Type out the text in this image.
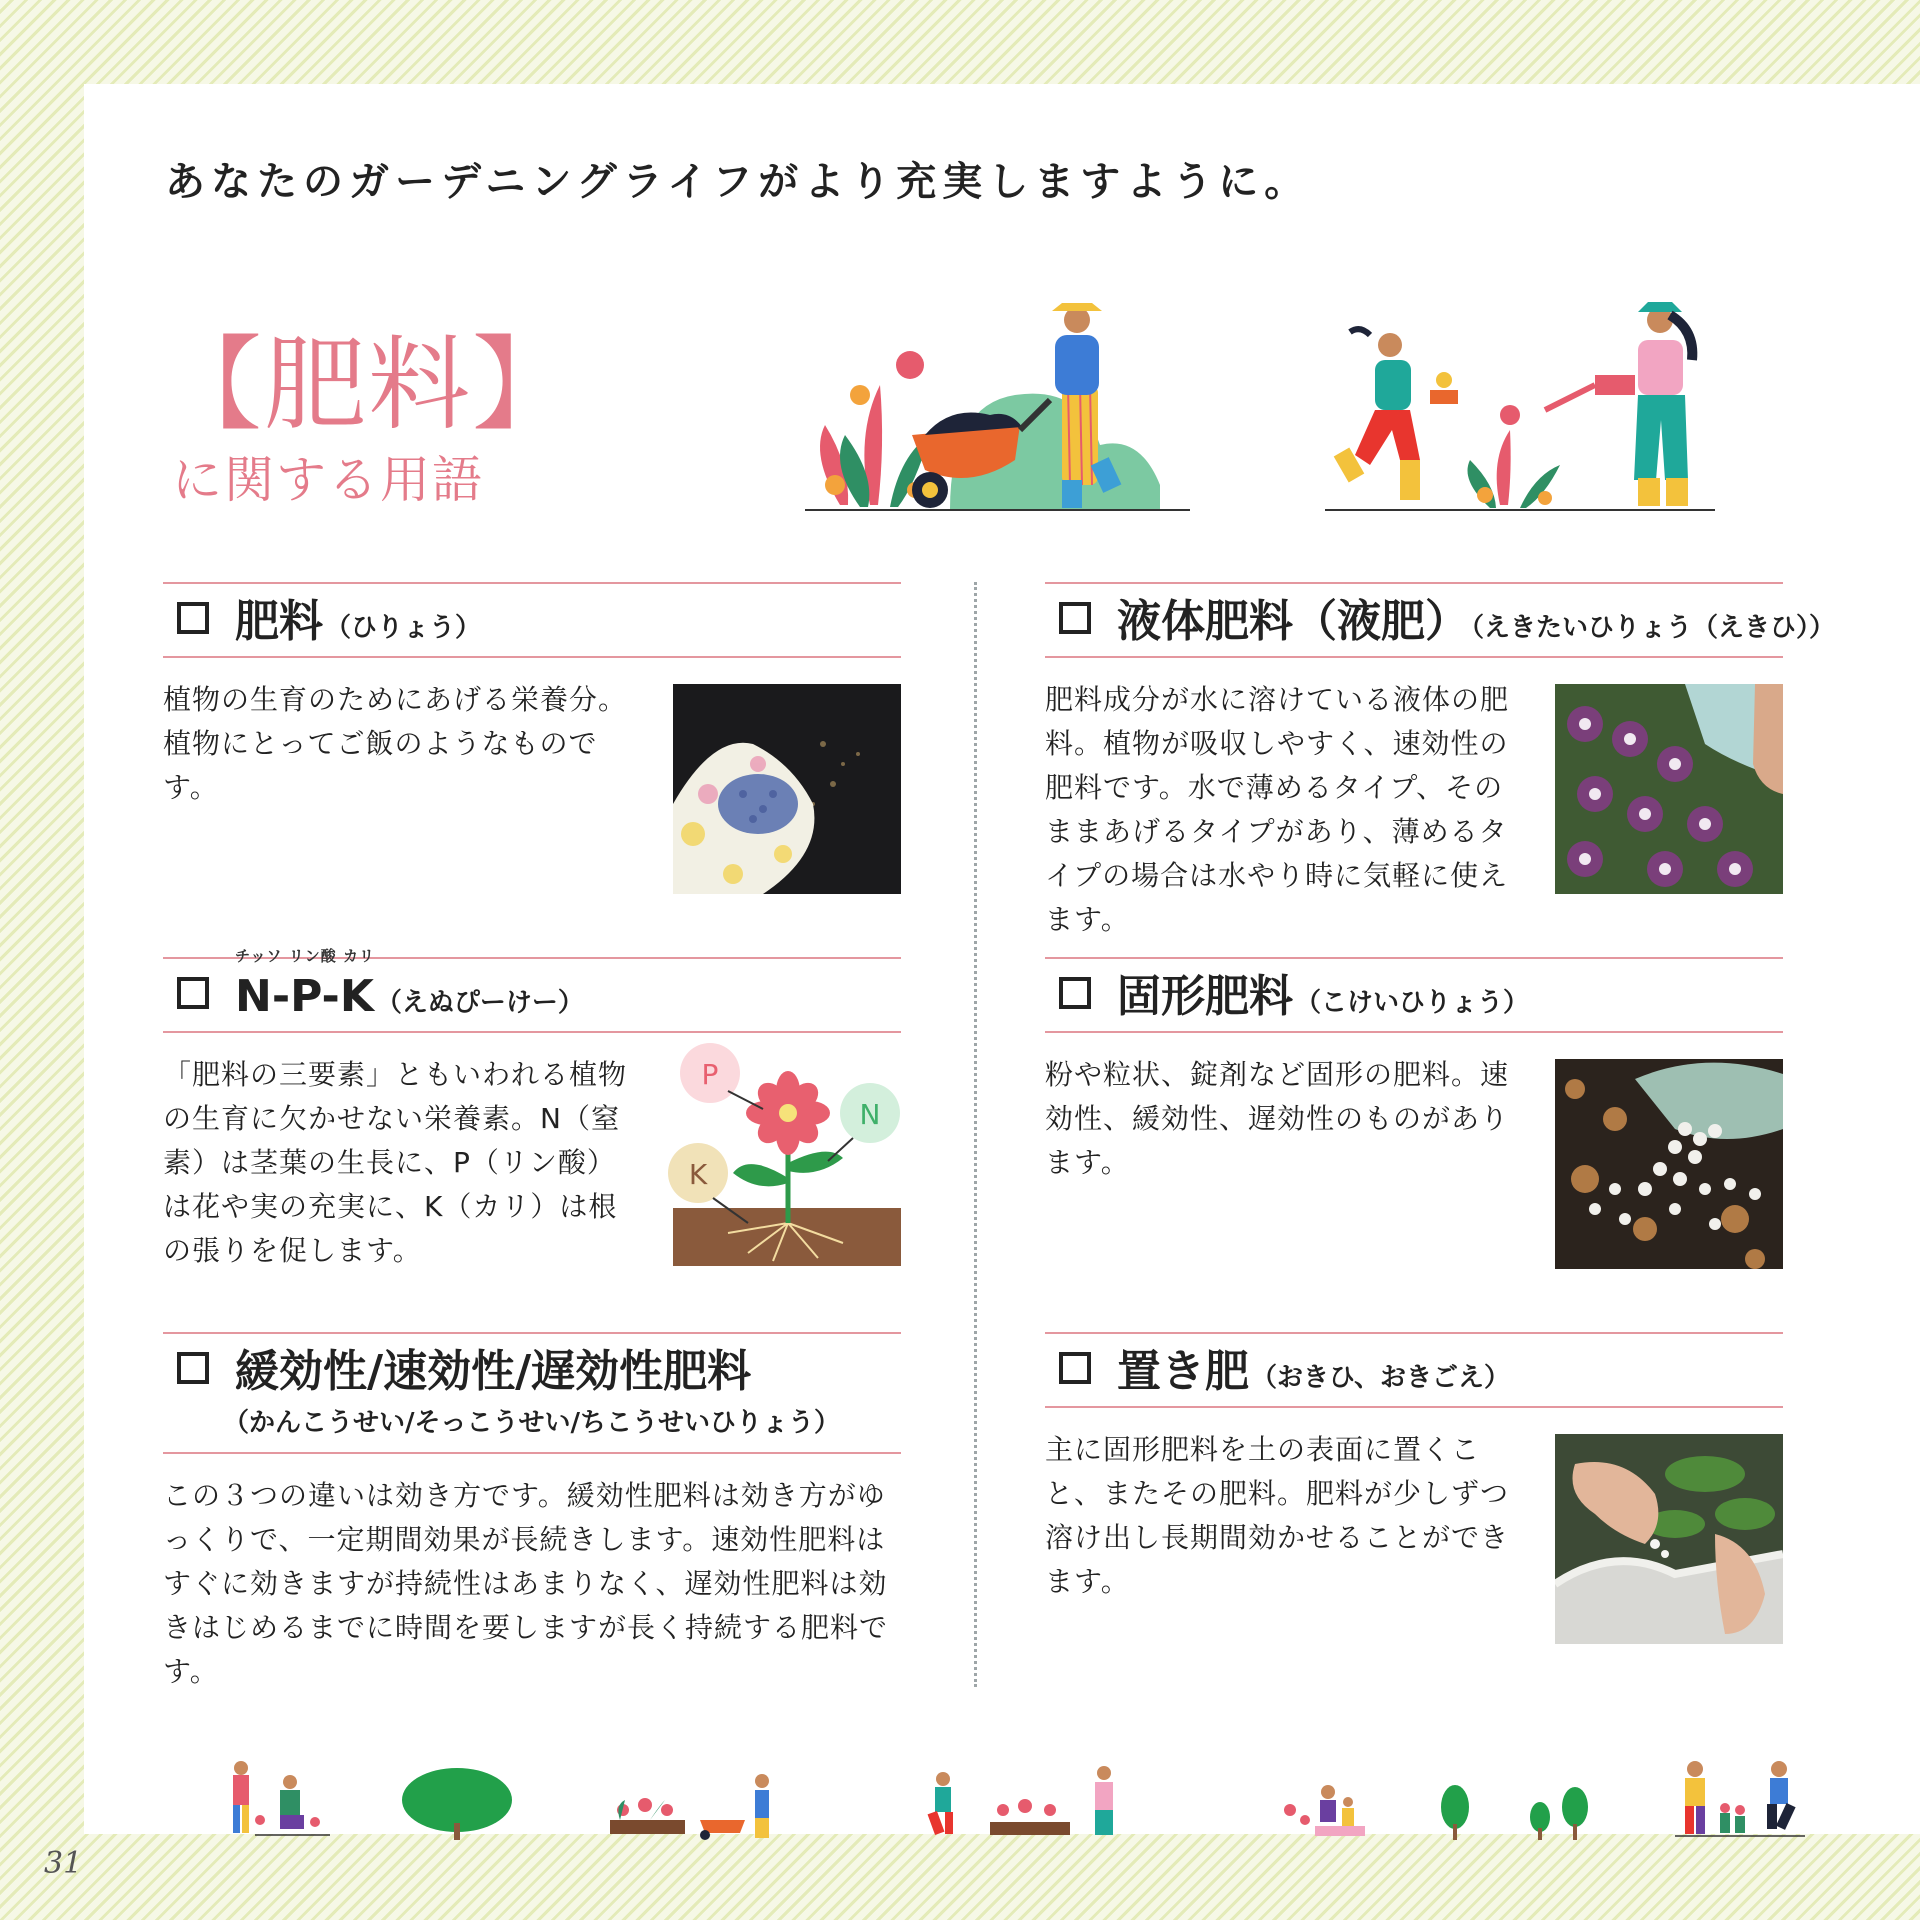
あなたのガーデニングライフがより充実しますように。
【肥料】
に関する用語
肥料（ひりょう）
植物の生育のためにあげる栄養分。植物にとってご飯のようなものです。
液体肥料（液肥）（えきたいひりょう（えきひ））
肥料成分が水に溶けている液体の肥料。植物が吸収しやすく、速効性の肥料です。水で薄めるタイプ、そのままあげるタイプがあり、薄めるタイプの場合は水やり時に気軽に使えます。
チッソ リン酸 カリ
N-P-K（えぬぴーけー）
「肥料の三要素」ともいわれる植物の生育に欠かせない栄養素。N（窒素）は茎葉の生長に、P（リン酸）は花や実の充実に、K（カリ）は根の張りを促します。
P
N
K
固形肥料（こけいひりょう）
粉や粒状、錠剤など固形の肥料。速効性、緩効性、遅効性のものがあります。
緩効性/速効性/遅効性肥料
（かんこうせい/そっこうせい/ちこうせいひりょう）
この３つの違いは効き方です。緩効性肥料は効き方がゆっくりで、一定期間効果が長続きします。速効性肥料はすぐに効きますが持続性はあまりなく、遅効性肥料は効きはじめるまでに時間を要しますが長く持続する肥料です。
置き肥（おきひ、おきごえ）
主に固形肥料を土の表面に置くこと、またその肥料。肥料が少しずつ溶け出し長期間効かせることができます。
31
